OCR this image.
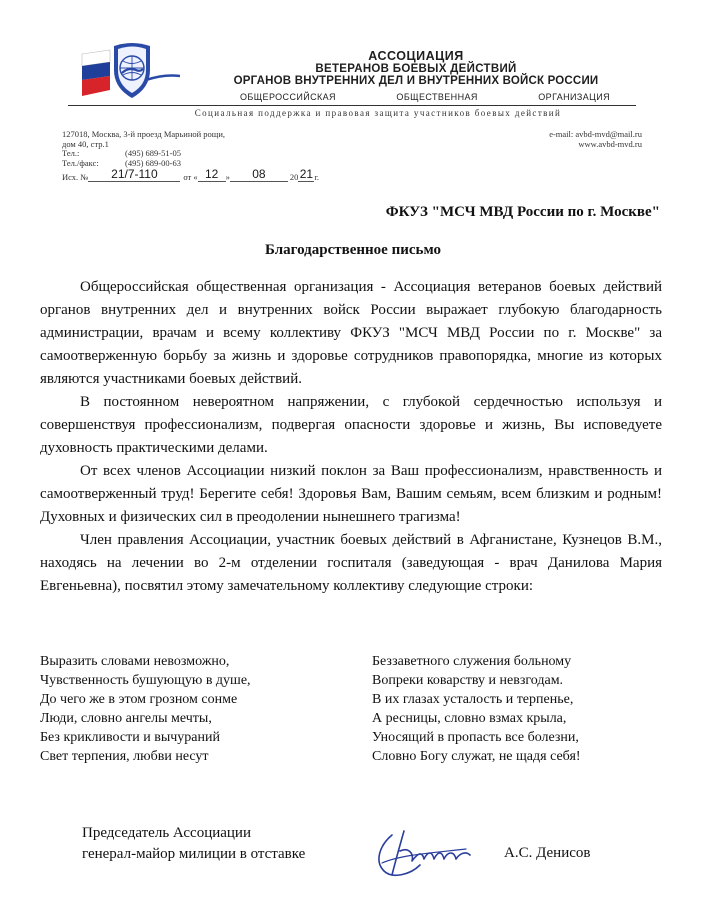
АССОЦИАЦИЯ
ВЕТЕРАНОВ БОЕВЫХ ДЕЙСТВИЙ
ОРГАНОВ ВНУТРЕННИХ ДЕЛ И ВНУТРЕННИХ ВОЙСК РОССИИ
ОБЩЕРОССИЙСКАЯ	ОБЩЕСТВЕННАЯ	ОРГАНИЗАЦИЯ
Социальная поддержка и правовая защита участников боевых действий
127018, Москва, 3-й проезд Марьиной рощи,
дом 40, стр.1
Тел.:	(495) 689-51-05
Тел./факс:	(495) 689-00-63
e-mail: avbd-mvd@mail.ru
www.avbd-mvd.ru
Исх. №	21/7-110	от « 12 »	08	20 21 г.
ФКУЗ "МСЧ МВД России по г. Москве"
Благодарственное письмо

Общероссийская общественная организация - Ассоциация ветеранов боевых действий органов внутренних дел и внутренних войск России выражает глубокую благодарность администрации, врачам и всему коллективу ФКУЗ "МСЧ МВД России по г. Москве" за самоотверженную борьбу за жизнь и здоровье сотрудников правопорядка, многие из которых являются участниками боевых действий.

В постоянном невероятном напряжении, с глубокой сердечностью используя и совершенствуя профессионализм, подвергая опасности здоровье и жизнь, Вы исповедуете духовность практическими делами.

От всех членов Ассоциации низкий поклон за Ваш профессионализм, нравственность и самоотверженный труд! Берегите себя! Здоровья Вам, Вашим семьям, всем близким и родным! Духовных и физических сил в преодолении нынешнего трагизма!

Член правления Ассоциации, участник боевых действий в Афганистане, Кузнецов В.М., находясь на лечении во 2-м отделении госпиталя (заведующая - врач Данилова Мария Евгеньевна), посвятил этому замечательному коллективу следующие строки:

Выразить словами невозможно,
Чувственность бушующую в душе,
До чего же в этом грозном сонме
Люди, словно ангелы мечты,
Без крикливости и вычураний
Свет терпения, любви несут
Беззаветного служения больному
Вопреки коварству и невзгодам.
В их глазах усталость и терпенье,
А ресницы, словно взмах крыла,
Уносящий в пропасть все болезни,
Словно Богу служат, не щадя себя!
Председатель Ассоциации
генерал-майор милиции в отставке	А.С. Денисов
